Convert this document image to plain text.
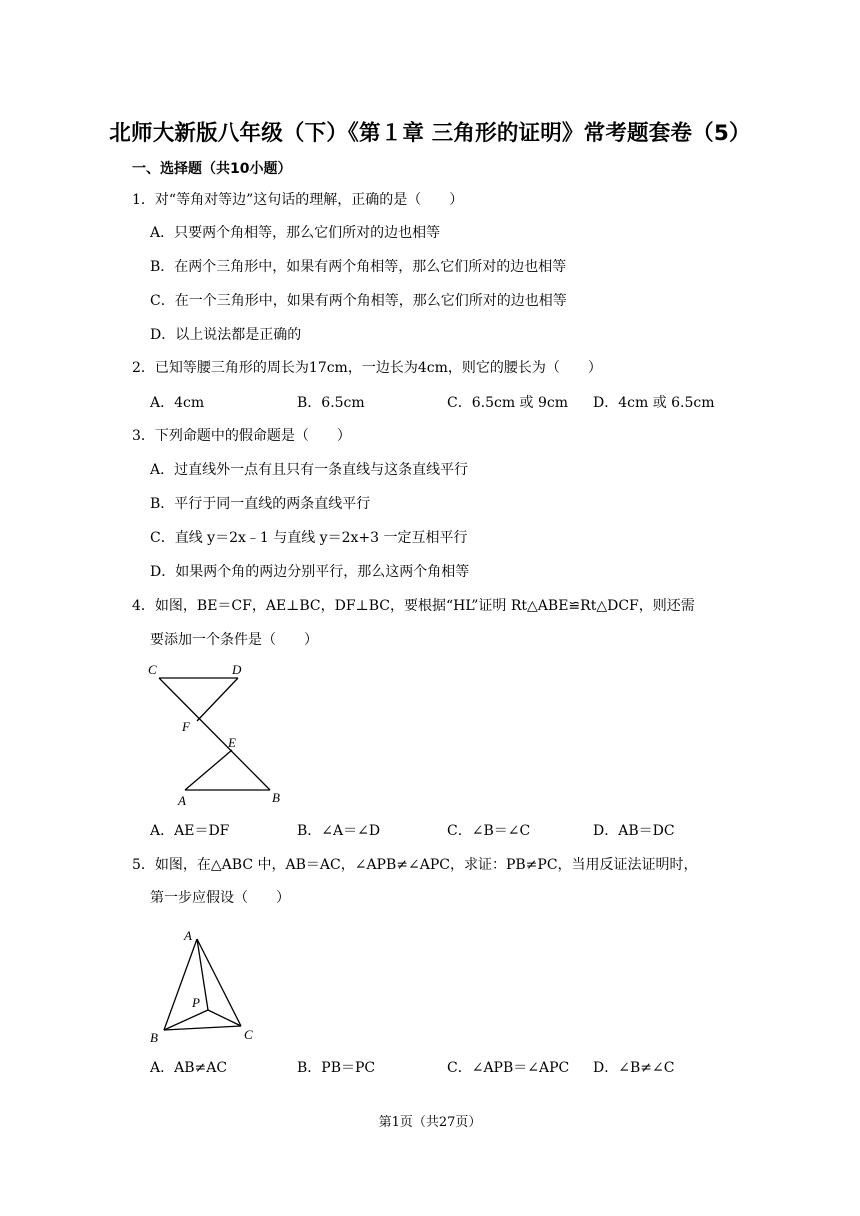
北师大新版八年级（下）《第１章 三角形的证明》常考题套卷（5）
一、选择题（共10小题）
1．对“等角对等边”这句话的理解，正确的是（　　）
A．只要两个角相等，那么它们所对的边也相等
B．在两个三角形中，如果有两个角相等，那么它们所对的边也相等
C．在一个三角形中，如果有两个角相等，那么它们所对的边也相等
D．以上说法都是正确的
2．已知等腰三角形的周长为17cm，一边长为4cm，则它的腰长为（　　）
A．4cm	B．6.5cm	C．6.5cm 或 9cm D．4cm 或 6.5cm
3．下列命题中的假命题是（　　）
A．过直线外一点有且只有一条直线与这条直线平行
B．平行于同一直线的两条直线平行
C．直线 y＝2x﹣1 与直线 y＝2x+3 一定互相平行
D．如果两个角的两边分别平行，那么这两个角相等
4．如图，BE＝CF，AE⊥BC，DF⊥BC，要根据“HL”证明 Rt△ABE≌Rt△DCF，则还需
要添加一个条件是（　　）
C	D
F
E
A	B
A．AE＝DF	B．∠A＝∠D	C．∠B＝∠C	D．AB＝DC
5．如图，在△ABC 中，AB＝AC，∠APB≠∠APC，求证：PB≠PC，当用反证法证明时，
第一步应假设（　　）
A
P
B	C
A．AB≠AC	B．PB＝PC	C．∠APB＝∠APC D．∠B≠∠C
第1页（共27页）
